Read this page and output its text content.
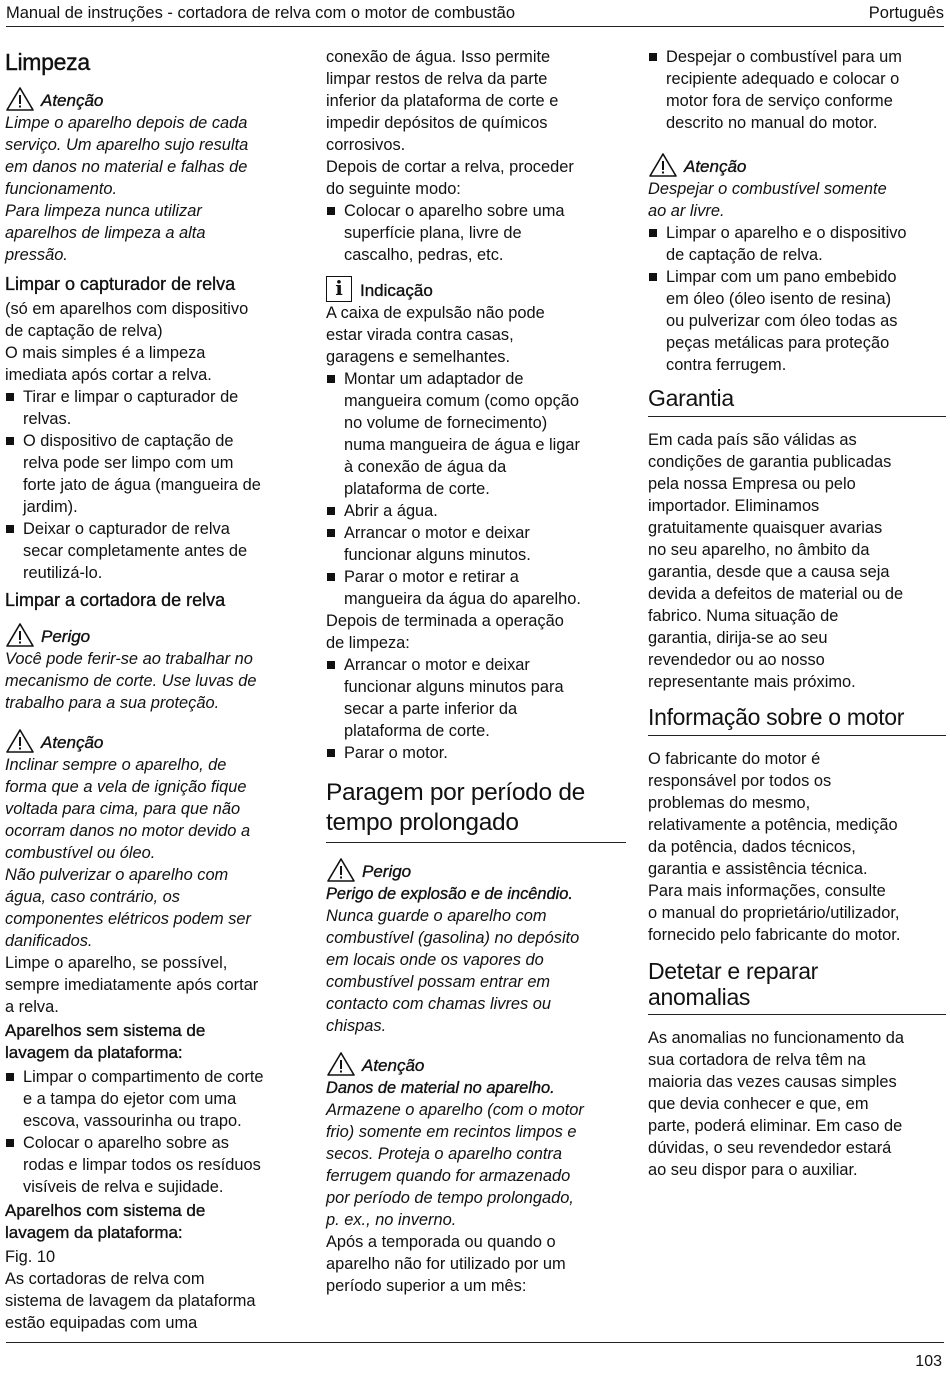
Manual de instruções - cortadora de relva com o motor de combustão	Português
Limpeza
Atenção
Limpe o aparelho depois de cada
serviço. Um aparelho sujo resulta
em danos no material e falhas de
funcionamento.
Para limpeza nunca utilizar
aparelhos de limpeza a alta
pressão.
Limpar o capturador de relva
(só em aparelhos com dispositivo
de captação de relva)
O mais simples é a limpeza
imediata após cortar a relva.
Tirar e limpar o capturador de
relvas.
O dispositivo de captação de
relva pode ser limpo com um
forte jato de água (mangueira de
jardim).
Deixar o capturador de relva
secar completamente antes de
reutilizá-lo.
Limpar a cortadora de relva
Perigo
Você pode ferir-se ao trabalhar no
mecanismo de corte. Use luvas de
trabalho para a sua proteção.
Atenção
Inclinar sempre o aparelho, de
forma que a vela de ignição fique
voltada para cima, para que não
ocorram danos no motor devido a
combustível ou óleo.
Não pulverizar o aparelho com
água, caso contrário, os
componentes elétricos podem ser
danificados.
Limpe o aparelho, se possível,
sempre imediatamente após cortar
a relva.
Aparelhos sem sistema de
lavagem da plataforma:
Limpar o compartimento de corte
e a tampa do ejetor com uma
escova, vassourinha ou trapo.
Colocar o aparelho sobre as
rodas e limpar todos os resíduos
visíveis de relva e sujidade.
Aparelhos com sistema de
lavagem da plataforma:
Fig. 10
As cortadoras de relva com
sistema de lavagem da plataforma
estão equipadas com uma
conexão de água. Isso permite
limpar restos de relva da parte
inferior da plataforma de corte e
impedir depósitos de químicos
corrosivos.
Depois de cortar a relva, proceder
do seguinte modo:
Colocar o aparelho sobre uma
superfície plana, livre de
cascalho, pedras, etc.
i	Indicação
A caixa de expulsão não pode
estar virada contra casas,
garagens e semelhantes.
Montar um adaptador de
mangueira comum (como opção
no volume de fornecimento)
numa mangueira de água e ligar
à conexão de água da
plataforma de corte.
Abrir a água.
Arrancar o motor e deixar
funcionar alguns minutos.
Parar o motor e retirar a
mangueira da água do aparelho.
Depois de terminada a operação
de limpeza:
Arrancar o motor e deixar
funcionar alguns minutos para
secar a parte inferior da
plataforma de corte.
Parar o motor.
Paragem por período de
tempo prolongado
Perigo

Perigo de explosão e de incêndio.

Nunca guarde o aparelho com
combustível (gasolina) no depósito
em locais onde os vapores do
combustível possam entrar em
contacto com chamas livres ou
chispas.
Atenção

Danos de material no aparelho.

Armazene o aparelho (com o motor
frio) somente em recintos limpos e
secos. Proteja o aparelho contra
ferrugem quando for armazenado
por período de tempo prolongado,
p. ex., no inverno.
Após a temporada ou quando o
aparelho não for utilizado por um
período superior a um mês:
Despejar o combustível para um
recipiente adequado e colocar o
motor fora de serviço conforme
descrito no manual do motor.
Atenção
Despejar o combustível somente
ao ar livre.
Limpar o aparelho e o dispositivo
de captação de relva.
Limpar com um pano embebido
em óleo (óleo isento de resina)
ou pulverizar com óleo todas as
peças metálicas para proteção
contra ferrugem.
Garantia
Em cada país são válidas as
condições de garantia publicadas
pela nossa Empresa ou pelo
importador. Eliminamos
gratuitamente quaisquer avarias
no seu aparelho, no âmbito da
garantia, desde que a causa seja
devida a defeitos de material ou de
fabrico. Numa situação de
garantia, dirija-se ao seu
revendedor ou ao nosso
representante mais próximo.
Informação sobre o motor
O fabricante do motor é
responsável por todos os
problemas do mesmo,
relativamente a potência, medição
da potência, dados técnicos,
garantia e assistência técnica.
Para mais informações, consulte
o manual do proprietário/utilizador,
fornecido pelo fabricante do motor.
Detetar e reparar
anomalias
As anomalias no funcionamento da
sua cortadora de relva têm na
maioria das vezes causas simples
que devia conhecer e que, em
parte, poderá eliminar. Em caso de
dúvidas, o seu revendedor estará
ao seu dispor para o auxiliar.
103
